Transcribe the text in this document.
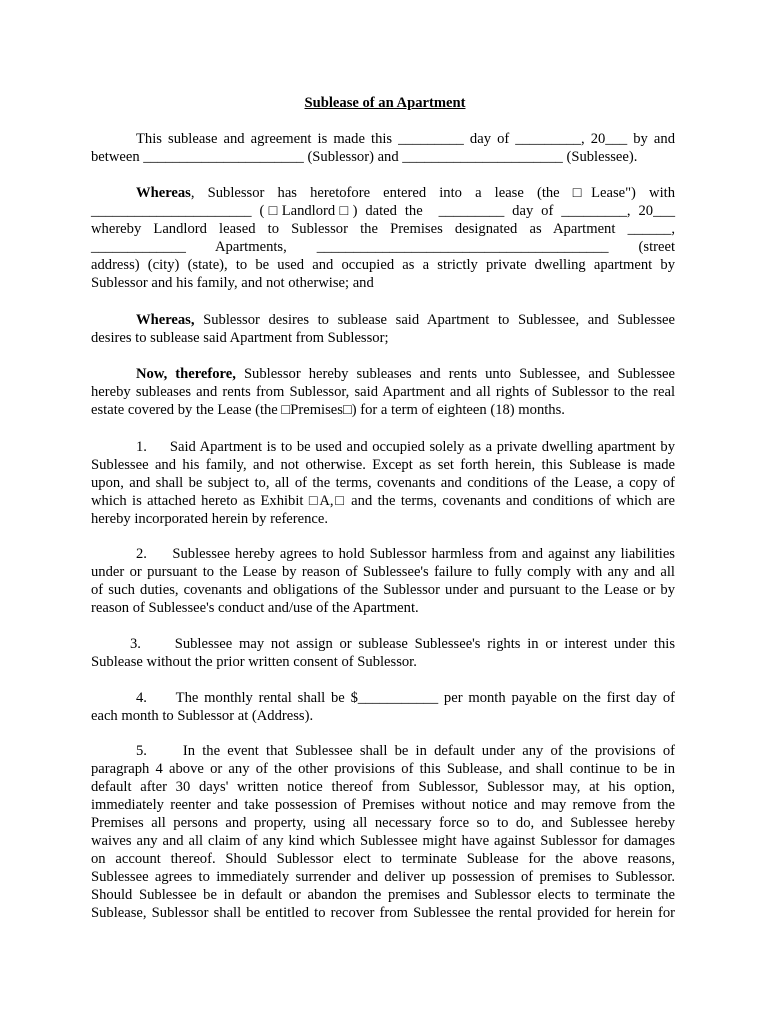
Sublease of an Apartment
This sublease and agreement is made this _________ day of _________, 20___ by and
between ______________________ (Sublessor) and ______________________ (Sublessee).
Whereas, Sublessor has heretofore entered into a lease (the □Lease") with
______________________ (□Landlord□) dated the  _________ day of _________, 20___
whereby Landlord leased to Sublessor the Premises designated as Apartment ______,
_____________ Apartments, ________________________________________ (street
address) (city) (state), to be used and occupied as a strictly private dwelling apartment by
Sublessor and his family, and not otherwise; and
Whereas, Sublessor desires to sublease said Apartment to Sublessee, and Sublessee
desires to sublease said Apartment from Sublessor;
Now, therefore, Sublessor hereby subleases and rents unto Sublessee, and Sublessee
hereby subleases and rents from Sublessor, said Apartment and all rights of Sublessor to the real
estate covered by the Lease (the □Premises□) for a term of eighteen (18) months.
1.     Said Apartment is to be used and occupied solely as a private dwelling apartment by
Sublessee and his family, and not otherwise. Except as set forth herein, this Sublease is made
upon, and shall be subject to, all of the terms, covenants and conditions of the Lease, a copy of
which is attached hereto as Exhibit □A,□ and the terms, covenants and conditions of which are
hereby incorporated herein by reference.
2.     Sublessee hereby agrees to hold Sublessor harmless from and against any liabilities
under or pursuant to the Lease by reason of Sublessee's failure to fully comply with any and all
of such duties, covenants and obligations of the Sublessor under and pursuant to the Lease or by
reason of Sublessee's conduct and/use of the Apartment.
3.     Sublessee may not assign or sublease Sublessee's rights in or interest under this
Sublease without the prior written consent of Sublessor.
4.     The monthly rental shall be $___________ per month payable on the first day of
each month to Sublessor at (Address).
5.     In the event that Sublessee shall be in default under any of the provisions of
paragraph 4 above or any of the other provisions of this Sublease, and shall continue to be in
default after 30 days' written notice thereof from Sublessor, Sublessor may, at his option,
immediately reenter and take possession of Premises without notice and may remove from the
Premises all persons and property, using all necessary force so to do, and Sublessee hereby
waives any and all claim of any kind which Sublessee might have against Sublessor for damages
on account thereof. Should Sublessor elect to terminate Sublease for the above reasons,
Sublessee agrees to immediately surrender and deliver up possession of premises to Sublessor.
Should Sublessee be in default or abandon the premises and Sublessor elects to terminate the
Sublease, Sublessor shall be entitled to recover from Sublessee the rental provided for herein for
